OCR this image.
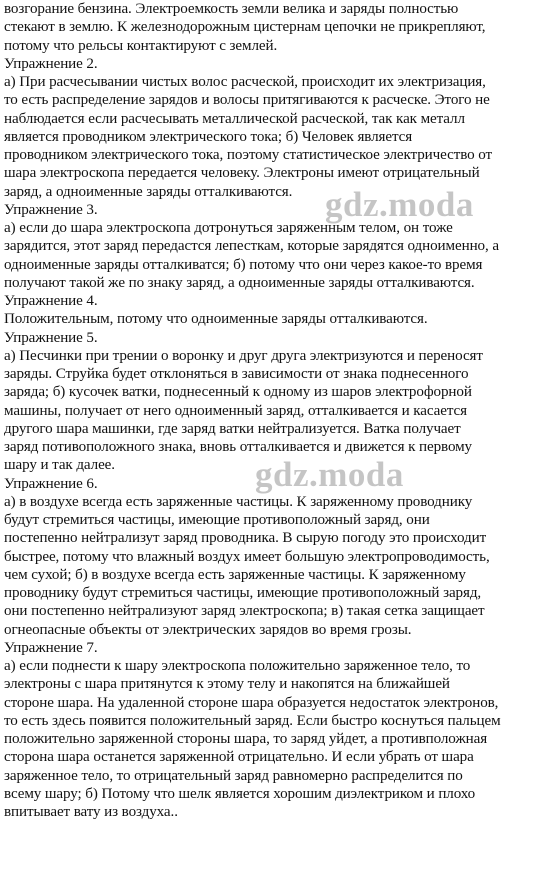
возгорание бензина. Электроемкость земли велика и заряды полностью
стекают в землю. К железнодорожным цистернам цепочки не прикрепляют,
потому что рельсы контактируют с землей.
Упражнение 2.
а) При расчесывании чистых волос расческой, происходит их электризация,
то есть распределение зарядов и волосы притягиваются к расческе. Этого не
наблюдается если расчесывать металлической расческой, так как металл
является проводником электрического тока; б) Человек является
проводником электрического тока, поэтому статистическое электричество от
шара электроскопа передается человеку. Электроны имеют отрицательный
заряд, а одноименные заряды отталкиваются.
Упражнение 3.
а) если до шара электроскопа дотронуться заряженным телом, он тоже
зарядится, этот заряд передастся лепесткам, которые зарядятся одноименно, а
одноименные заряды отталкиватся; б) потому что они через какое-то время
получают такой же по знаку заряд, а одноименные заряды отталкиваются.
Упражнение 4.
Положительным, потому что одноименные заряды отталкиваются.
Упражнение 5.
а) Песчинки при трении о воронку и друг друга электризуются и переносят
заряды. Струйка будет отклоняться в зависимости от знака поднесенного
заряда; б) кусочек ватки, поднесенный к одному из шаров электрофорной
машины, получает от него одноименный заряд, отталкивается и касается
другого шара машинки, где заряд ватки нейтрализуется. Ватка получает
заряд потивоположного знака, вновь отталкивается и движется к первому
шару и так далее.
Упражнение 6.
а) в воздухе всегда есть заряженные частицы. К заряженному проводнику
будут стремиться частицы, имеющие противоположный заряд, они
постепенно нейтрализут заряд проводника. В сырую погоду это происходит
быстрее, потому что влажный воздух имеет большую электропроводимость,
чем сухой; б) в воздухе всегда есть заряженные частицы. К заряженному
проводнику будут стремиться частицы, имеющие противоположный заряд,
они постепенно нейтрализуют заряд электроскопа; в) такая сетка защищает
огнеопасные объекты от электрических зарядов во время грозы.
Упражнение 7.
а) если поднести к шару электроскопа положительно заряженное тело, то
электроны с шара притянутся к этому телу и накопятся на ближайшей
стороне шара. На удаленной стороне шара образуется недостаток электронов,
то есть здесь появится положительный заряд. Если быстро коснуться пальцем
положительно заряженной стороны шара, то заряд уйдет, а противположная
сторона шара останется заряженной отрицательно. И если убрать от шара
заряженное тело, то отрицательный заряд равномерно распределится по
всему шару; б) Потому что шелк является хорошим диэлектриком и плохо
впитывает вату из воздуха..
gdz.moda
gdz.moda
